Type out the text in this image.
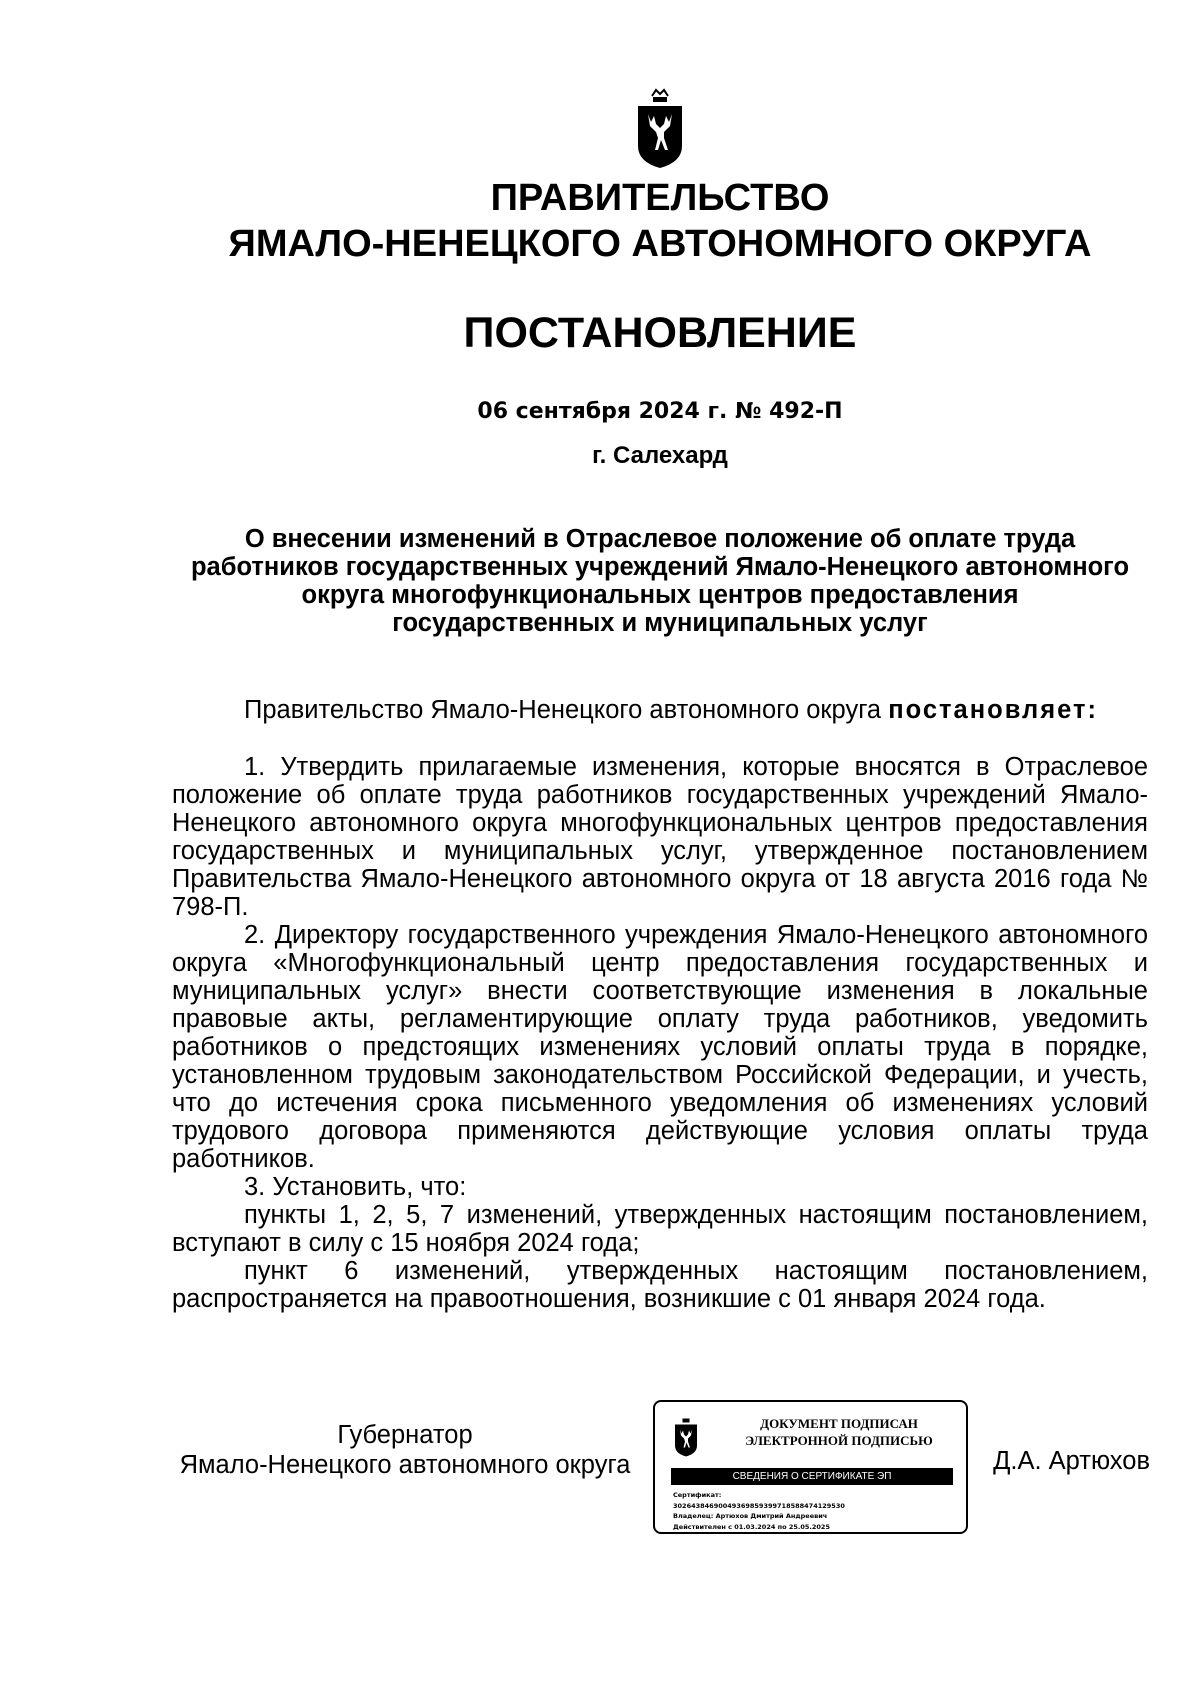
ПРАВИТЕЛЬСТВО
ЯМАЛО-НЕНЕЦКОГО АВТОНОМНОГО ОКРУГА
ПОСТАНОВЛЕНИЕ
06 сентября 2024 г. № 492-П
г. Салехард
О внесении изменений в Отраслевое положение об оплате труда
работников государственных учреждений Ямало-Ненецкого автономного
округа многофункциональных центров предоставления
государственных и муниципальных услуг
Правительство Ямало-Ненецкого автономного округа постановляет:

1. Утвердить прилагаемые изменения, которые вносятся в Отраслевое положение об оплате труда работников государственных учреждений Ямало-Ненецкого автономного округа многофункциональных центров предоставления государственных и муниципальных услуг, утвержденное постановлением Правительства Ямало-Ненецкого автономного округа от 18 августа 2016 года № 798-П.

2. Директору государственного учреждения Ямало-Ненецкого автономного округа «Многофункциональный центр предоставления государственных и муниципальных услуг» внести соответствующие изменения в локальные правовые акты, регламентирующие оплату труда работников, уведомить работников о предстоящих изменениях условий оплаты труда в порядке, установленном трудовым законодательством Российской Федерации, и учесть, что до истечения срока письменного уведомления об изменениях условий трудового договора применяются действующие условия оплаты труда работников.

3. Установить, что:

пункты 1, 2, 5, 7 изменений, утвержденных настоящим постановлением, вступают в силу с 15 ноября 2024 года;

пункт 6 изменений, утвержденных настоящим постановлением, распространяется на правоотношения, возникшие с 01 января 2024 года.

Губернатор
Ямало-Ненецкого автономного округа
ДОКУМЕНТ ПОДПИСАН
ЭЛЕКТРОННОЙ ПОДПИСЬЮ
СВЕДЕНИЯ О СЕРТИФИКАТЕ ЭП
Сертификат:
30264384690049369859399718588474129530
Владелец: Артюхов Дмитрий Андреевич
Действителен с 01.03.2024 по 25.05.2025
Д.А. Артюхов
